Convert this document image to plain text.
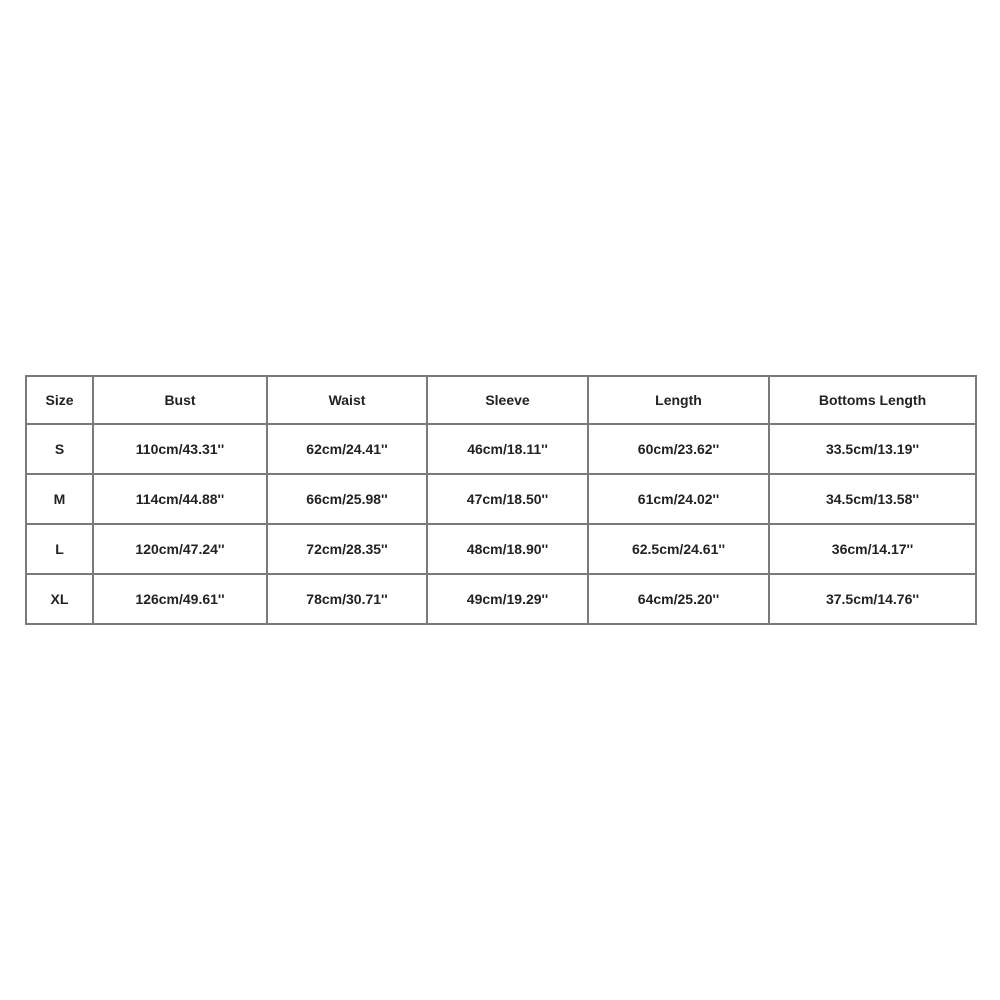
Size	Bust	Waist	Sleeve	Length	Bottoms Length
S	110cm/43.31''	62cm/24.41''	46cm/18.11''	60cm/23.62''	33.5cm/13.19''
M	114cm/44.88''	66cm/25.98''	47cm/18.50''	61cm/24.02''	34.5cm/13.58''
L	120cm/47.24''	72cm/28.35''	48cm/18.90''	62.5cm/24.61''	36cm/14.17''
XL	126cm/49.61''	78cm/30.71''	49cm/19.29''	64cm/25.20''	37.5cm/14.76''
